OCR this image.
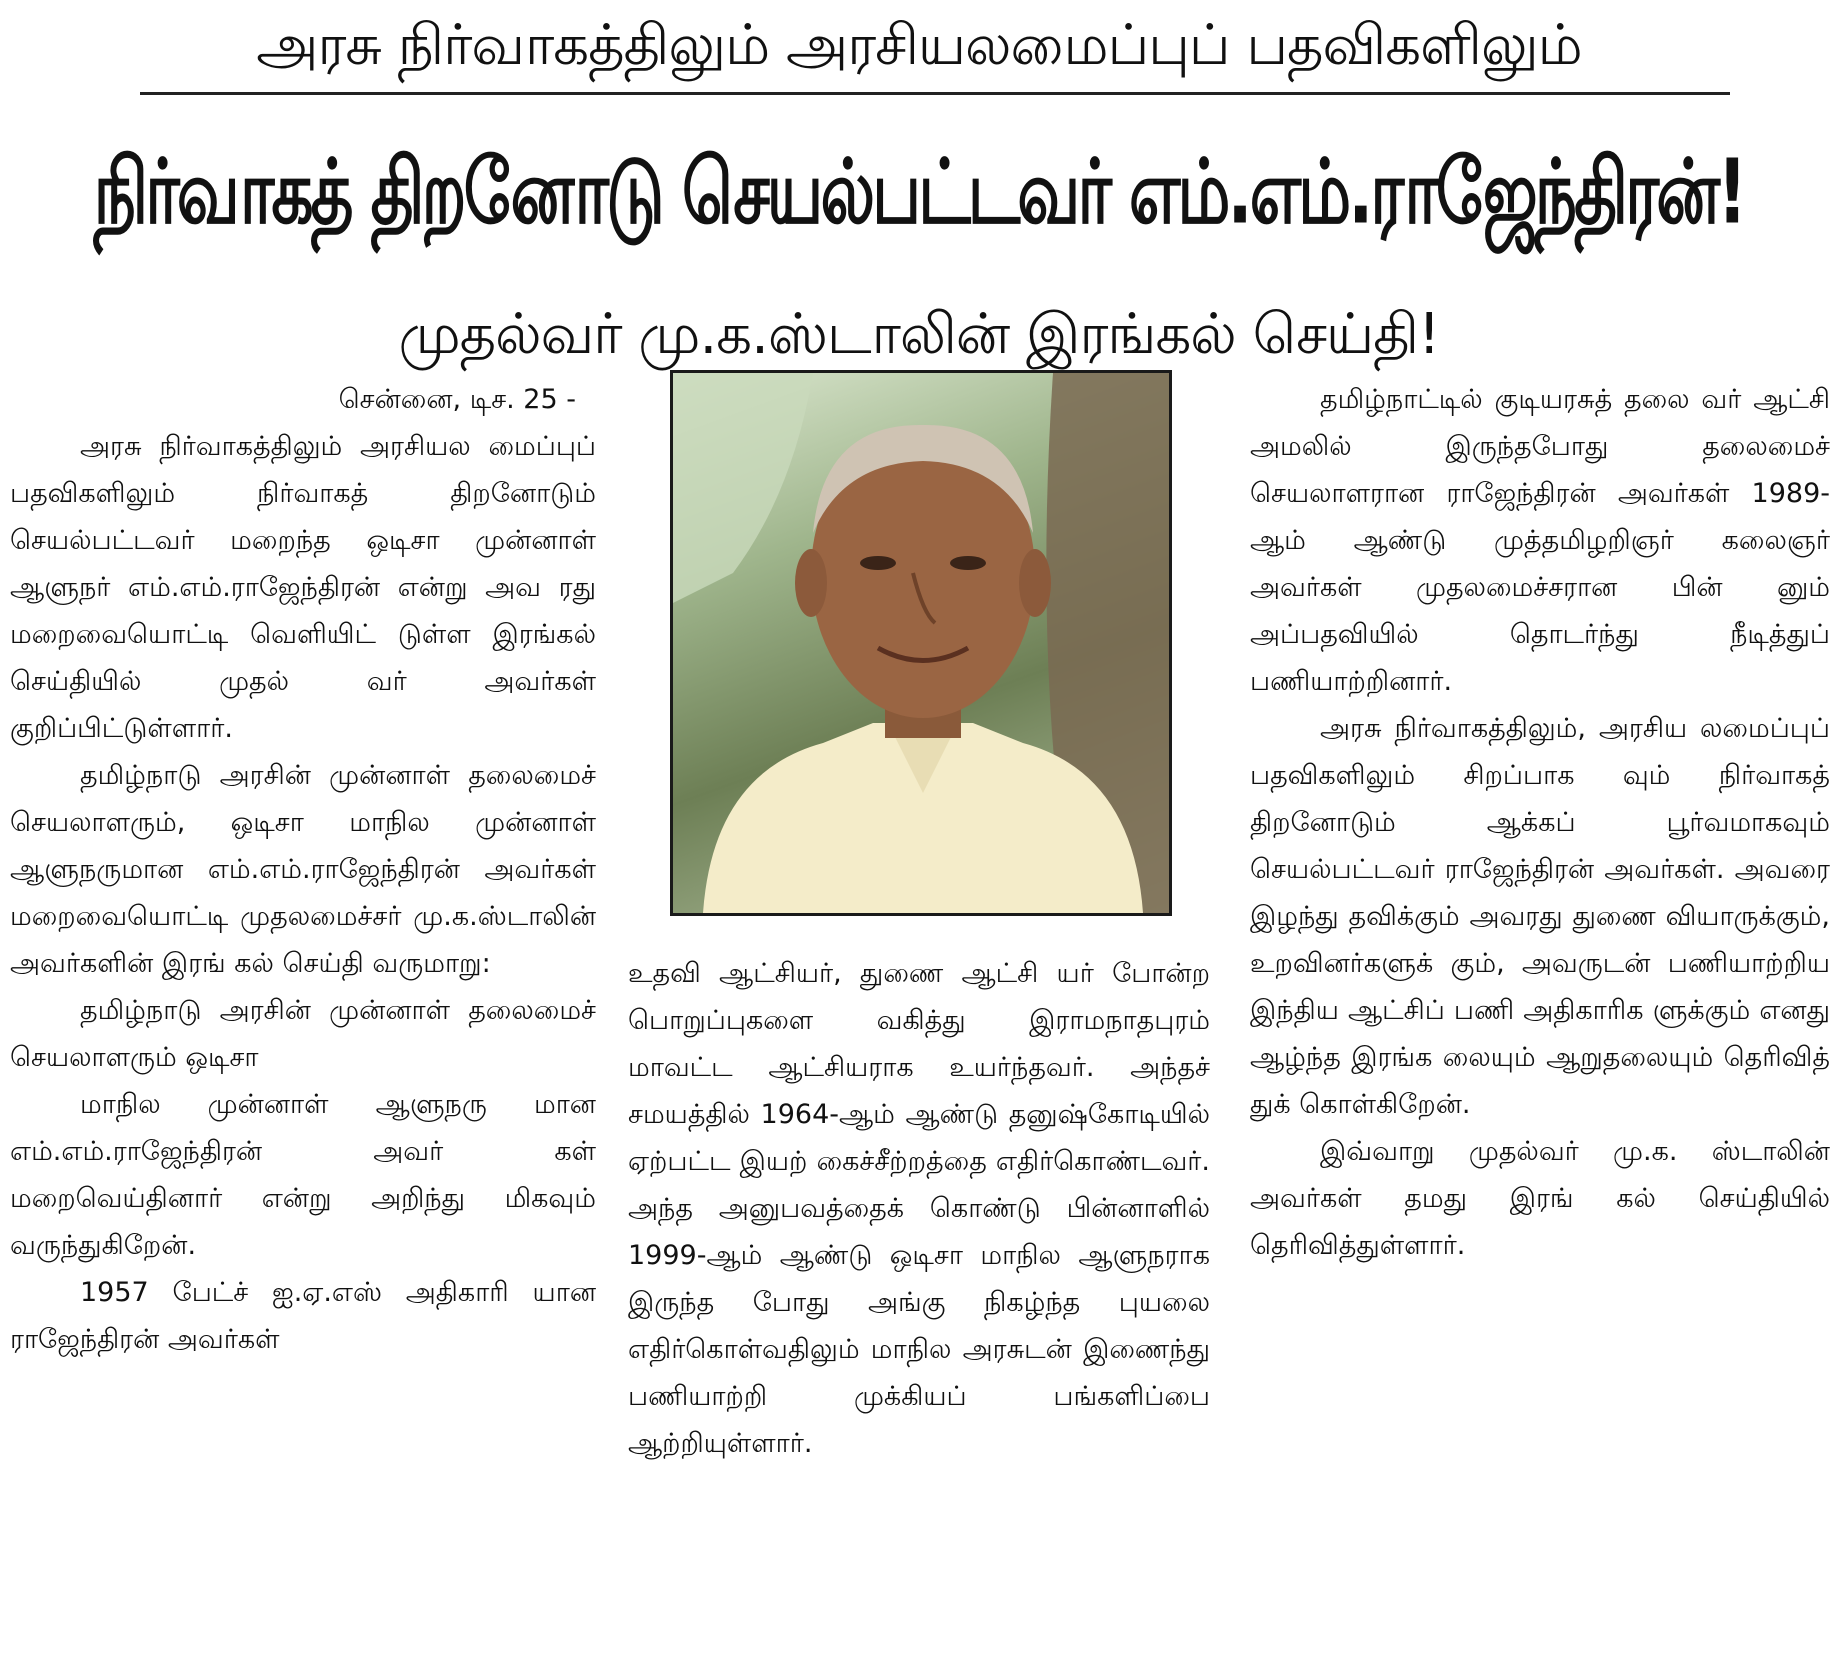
அரசு நிர்வாகத்திலும் அரசியலமைப்புப் பதவிகளிலும்
நிர்வாகத் திறனோடு செயல்பட்டவர் எம்.எம்.ராஜேந்திரன்!
முதல்வர் மு.க.ஸ்டாலின் இரங்கல் செய்தி!

சென்னை, டிச. 25 -

அரசு நிர்வாகத்திலும் அரசியல மைப்புப் பதவிகளிலும் நிர்வாகத் திறனோடும் செயல்பட்டவர் மறைந்த ஒடிசா முன்னாள் ஆளுநர் எம்.எம்.ராஜேந்திரன் என்று அவ ரது மறைவையொட்டி வெளியிட் டுள்ள இரங்கல் செய்தியில் முதல் வர் அவர்கள் குறிப்பிட்டுள்ளார்.

தமிழ்நாடு அரசின் முன்னாள் தலைமைச் செயலாளரும், ஒடிசா மாநில முன்னாள் ஆளுநருமான எம்.எம்.ராஜேந்திரன் அவர்கள் மறைவையொட்டி முதலமைச்சர் மு.க.ஸ்டாலின் அவர்களின் இரங் கல் செய்தி வருமாறு:

தமிழ்நாடு அரசின் முன்னாள் தலைமைச் செயலாளரும் ஒடிசா

மாநில முன்னாள் ஆளுநரு மான எம்.எம்.ராஜேந்திரன் அவர் கள் மறைவெய்தினார் என்று அறிந்து மிகவும் வருந்துகிறேன்.

1957 பேட்ச் ஐ.ஏ.எஸ் அதிகாரி யான ராஜேந்திரன் அவர்கள்

உதவி ஆட்சியர், துணை ஆட்சி யர் போன்ற பொறுப்புகளை வகித்து இராமநாதபுரம் மாவட்ட ஆட்சியராக உயர்ந்தவர். அந்தச் சமயத்தில் 1964-ஆம் ஆண்டு தனுஷ்கோடியில் ஏற்பட்ட இயற் கைச்சீற்றத்தை எதிர்கொண்டவர். அந்த அனுபவத்தைக் கொண்டு பின்னாளில் 1999-ஆம் ஆண்டு ஒடிசா மாநில ஆளுநராக இருந்த போது அங்கு நிகழ்ந்த புயலை எதிர்கொள்வதிலும் மாநில அரசுடன் இணைந்து பணியாற்றி முக்கியப் பங்களிப்பை ஆற்றியுள்ளார்.

தமிழ்நாட்டில் குடியரசுத் தலை வர் ஆட்சி அமலில் இருந்தபோது தலைமைச் செயலாளரான ராஜேந்திரன் அவர்கள் 1989-ஆம் ஆண்டு முத்தமிழறிஞர் கலைஞர் அவர்கள் முதலமைச்சரான பின் னும் அப்பதவியில் தொடர்ந்து நீடித்துப் பணியாற்றினார்.

அரசு நிர்வாகத்திலும், அரசிய லமைப்புப் பதவிகளிலும் சிறப்பாக வும் நிர்வாகத் திறனோடும் ஆக்கப் பூர்வமாகவும் செயல்பட்டவர் ராஜேந்திரன் அவர்கள். அவரை இழந்து தவிக்கும் அவரது துணை வியாருக்கும், உறவினர்களுக் கும், அவருடன் பணியாற்றிய இந்திய ஆட்சிப் பணி அதிகாரிக ளுக்கும் எனது ஆழ்ந்த இரங்க லையும் ஆறுதலையும் தெரிவித் துக் கொள்கிறேன்.

இவ்வாறு முதல்வர் மு.க. ஸ்டாலின் அவர்கள் தமது இரங் கல் செய்தியில் தெரிவித்துள்ளார்.
